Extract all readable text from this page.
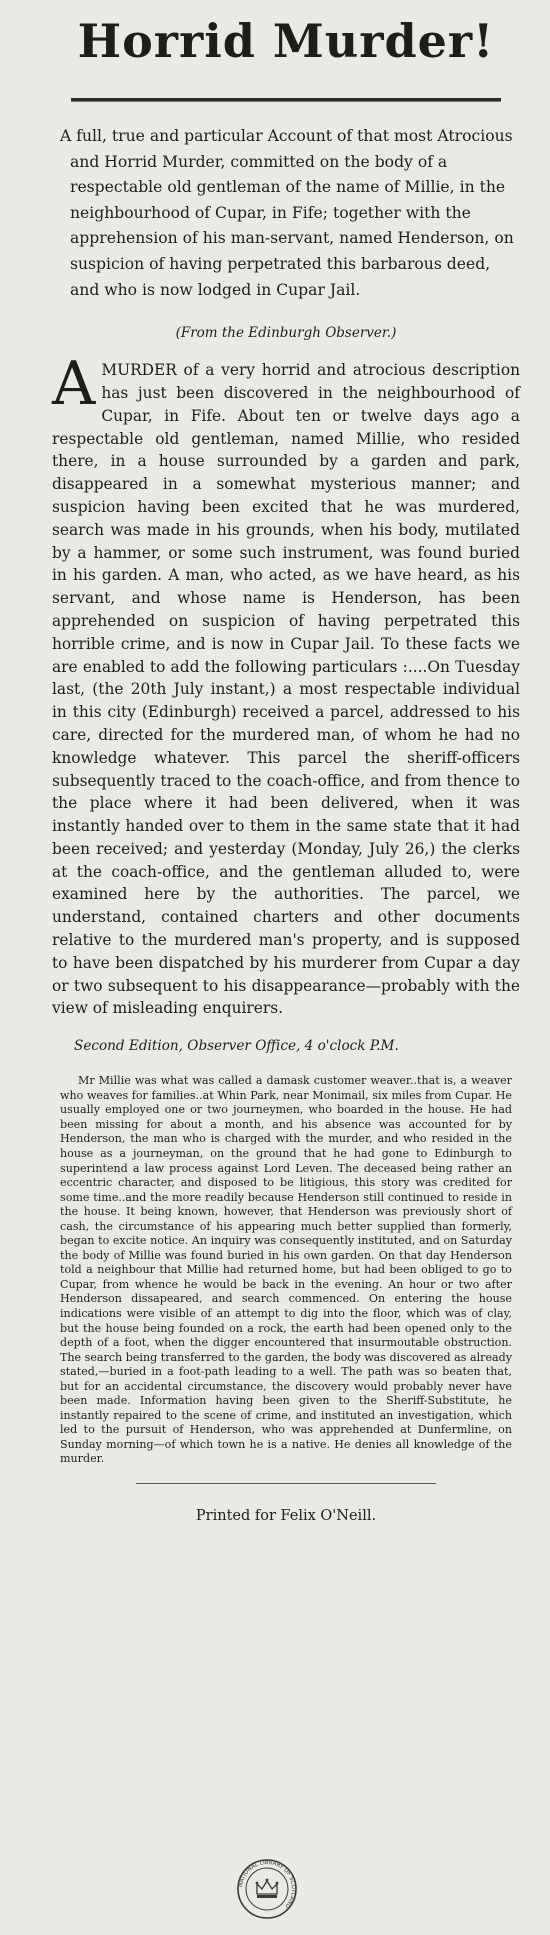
Horrid Murder!

A full, true and particular Account of that most Atrocious and Horrid Murder, committed on the body of a respectable old gentleman of the name of Millie, in the neighbourhood of Cupar, in Fife; together with the apprehension of his man-servant, named Henderson, on suspicion of having perpetrated this barbarous deed, and who is now lodged in Cupar Jail.

(From the Edinburgh Observer.)

A MURDER of a very horrid and atrocious description has just been discovered in the neighbourhood of Cupar, in Fife. About ten or twelve days ago a respectable old gentleman, named Millie, who resided there, in a house surrounded by a garden and park, disappeared in a somewhat mysterious manner; and suspicion having been excited that he was murdered, search was made in his grounds, when his body, mutilated by a hammer, or some such instrument, was found buried in his garden. A man, who acted, as we have heard, as his servant, and whose name is Henderson, has been apprehended on suspicion of having perpetrated this horrible crime, and is now in Cupar Jail. To these facts we are enabled to add the following particulars :....On Tuesday last, (the 20th July instant,) a most respectable individual in this city (Edinburgh) received a parcel, addressed to his care, directed for the murdered man, of whom he had no knowledge whatever. This parcel the sheriff-officers subsequently traced to the coach-office, and from thence to the place where it had been delivered, when it was instantly handed over to them in the same state that it had been received; and yesterday (Monday, July 26,) the clerks at the coach-office, and the gentleman alluded to, were examined here by the authorities. The parcel, we understand, contained charters and other documents relative to the murdered man's property, and is supposed to have been dispatched by his murderer from Cupar a day or two subsequent to his disappearance—probably with the view of misleading enquirers.

Second Edition, Observer Office, 4 o'clock P.M.

Mr Millie was what was called a damask customer weaver..that is, a weaver who weaves for families..at Whin Park, near Monimail, six miles from Cupar. He usually employed one or two journeymen, who boarded in the house. He had been missing for about a month, and his absence was accounted for by Henderson, the man who is charged with the murder, and who resided in the house as a journeyman, on the ground that he had gone to Edinburgh to superintend a law process against Lord Leven. The deceased being rather an eccentric character, and disposed to be litigious, this story was credited for some time..and the more readily because Henderson still continued to reside in the house. It being known, however, that Henderson was previously short of cash, the circumstance of his appearing much better supplied than formerly, began to excite notice. An inquiry was consequently instituted, and on Saturday the body of Millie was found buried in his own garden. On that day Henderson told a neighbour that Millie had returned home, but had been obliged to go to Cupar, from whence he would be back in the evening. An hour or two after Henderson dissapeared, and search commenced. On entering the house indications were visible of an attempt to dig into the floor, which was of clay, but the house being founded on a rock, the earth had been opened only to the depth of a foot, when the digger encountered that insurmoutable obstruction. The search being transferred to the garden, the body was discovered as already stated,—buried in a foot-path leading to a well. The path was so beaten that, but for an accidental circumstance, the discovery would probably never have been made. Information having been given to the Sheriff-Substitute, he instantly repaired to the scene of crime, and instituted an investigation, which led to the pursuit of Henderson, who was apprehended at Dunfermline, on Sunday morning—of which town he is a native. He denies all knowledge of the murder.

Printed for Felix O'Neill.

NATIONAL LIBRARY OF SCOTLAND
